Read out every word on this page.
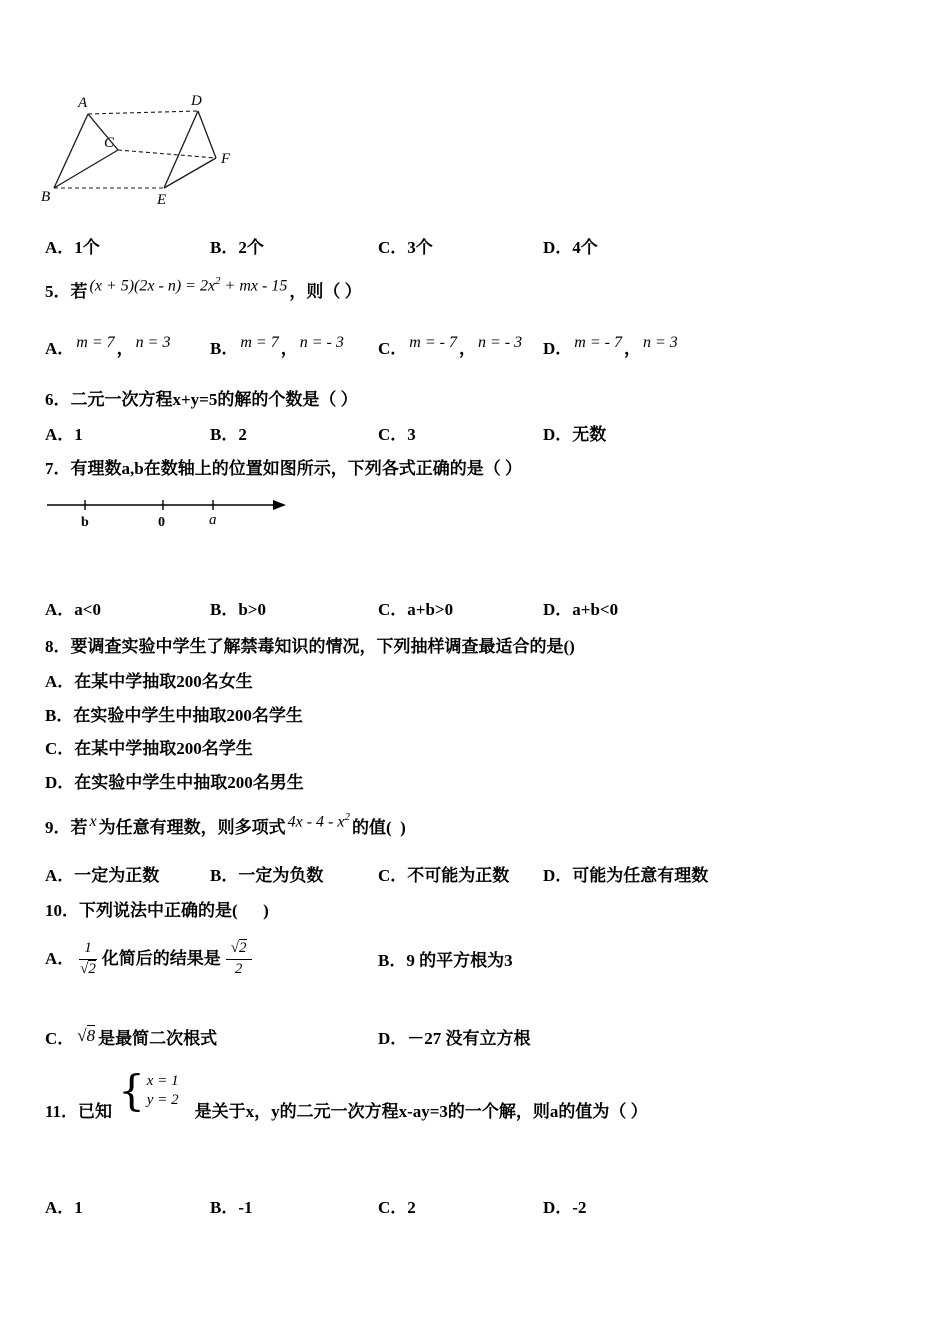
A	D
C
F
B	E
A．1个	B．2个	C．3个	D．4个
5．若 $(x + 5)(2x - n) = 2x^2$ + mx - 15 ，则（ ）
A． m = 7 ， n = 3 B． m = 7 ， n = - 3 C． m = - 7 ， n = - 3 D． m = - 7 ， n = 3
6．二元一次方程x+y=5的解的个数是（ ）
A．1	B．2	C．3	D．无数
7．有理数a,b在数轴上的位置如图所示，下列各式正确的是（ ）
b	0	a
A．a<0	B．b>0	C．a+b>0	D．a+b<0
8．要调查实验中学生了解禁毒知识的情况，下列抽样调查最适合的是()
A．在某中学抽取200名女生
B．在实验中学生中抽取200名学生
C．在某中学抽取200名学生
D．在实验中学生中抽取200名男生
9．若 x 为任意有理数，则多项式 $4x - 4 - x^2$的值(  )
A．一定为正数	B．一定为负数	C．不可能为正数 D．可能为任意有理数
10．下列说法中正确的是(      )
A． $\frac{1}{√2}$ 化简后的结果是 $\frac{√2}{2}$	B．9 的平方根为3
C． √8 是最简二次根式	D．－27 没有立方根
11．已知 { x = 1
y = 2
是关于x，y的二元一次方程x-ay=3的一个解，则a的值为（ ）
A．1	B．-1	C．2	D．-2
